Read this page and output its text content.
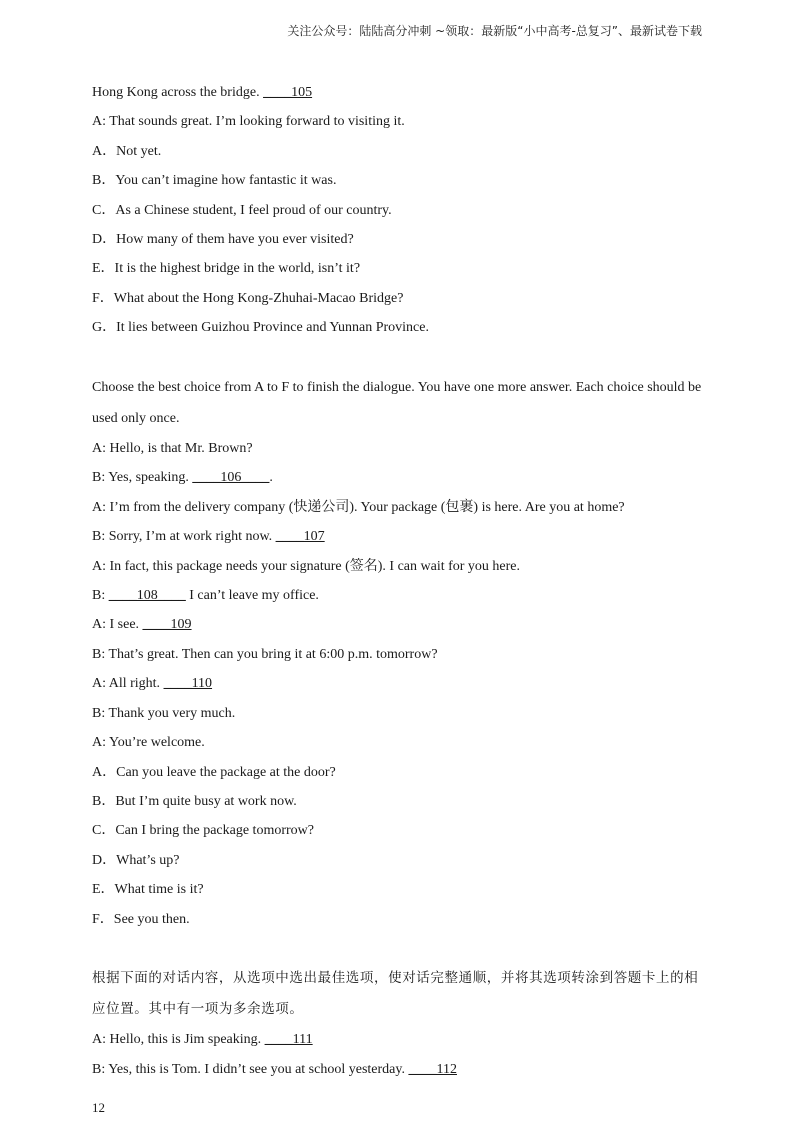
关注公众号：陆陆高分冲刺 ~领取：最新版“小中高考-总复习”、最新试卷下载
Hong Kong across the bridge. ____105
A: That sounds great. I’m looking forward to visiting it.
A．Not yet.
B．You can’t imagine how fantastic it was.
C．As a Chinese student, I feel proud of our country.
D．How many of them have you ever visited?
E．It is the highest bridge in the world, isn’t it?
F．What about the Hong Kong-Zhuhai-Macao Bridge?
G．It lies between Guizhou Province and Yunnan Province.
Choose the best choice from A to F to finish the dialogue. You have one more answer. Each choice should be used only once.
A: Hello, is that Mr. Brown?
B: Yes, speaking. ____106____.
A: I’m from the delivery company (快递公司). Your package (包裹) is here. Are you at home?
B: Sorry, I’m at work right now. ____107
A: In fact, this package needs your signature (签名). I can wait for you here.
B: ____108____ I can’t leave my office.
A: I see. ____109
B: That’s great. Then can you bring it at 6:00 p.m. tomorrow?
A: All right. ____110
B: Thank you very much.
A: You’re welcome.
A．Can you leave the package at the door?
B．But I’m quite busy at work now.
C．Can I bring the package tomorrow?
D．What’s up?
E．What time is it?
F．See you then.
根据下面的对话内容，从选项中选出最佳选项，使对话完整通顺，并将其选项转涂到答题卡上的相应位置。其中有一项为多余选项。
A: Hello, this is Jim speaking. ____111
B: Yes, this is Tom. I didn’t see you at school yesterday. ____112
12
